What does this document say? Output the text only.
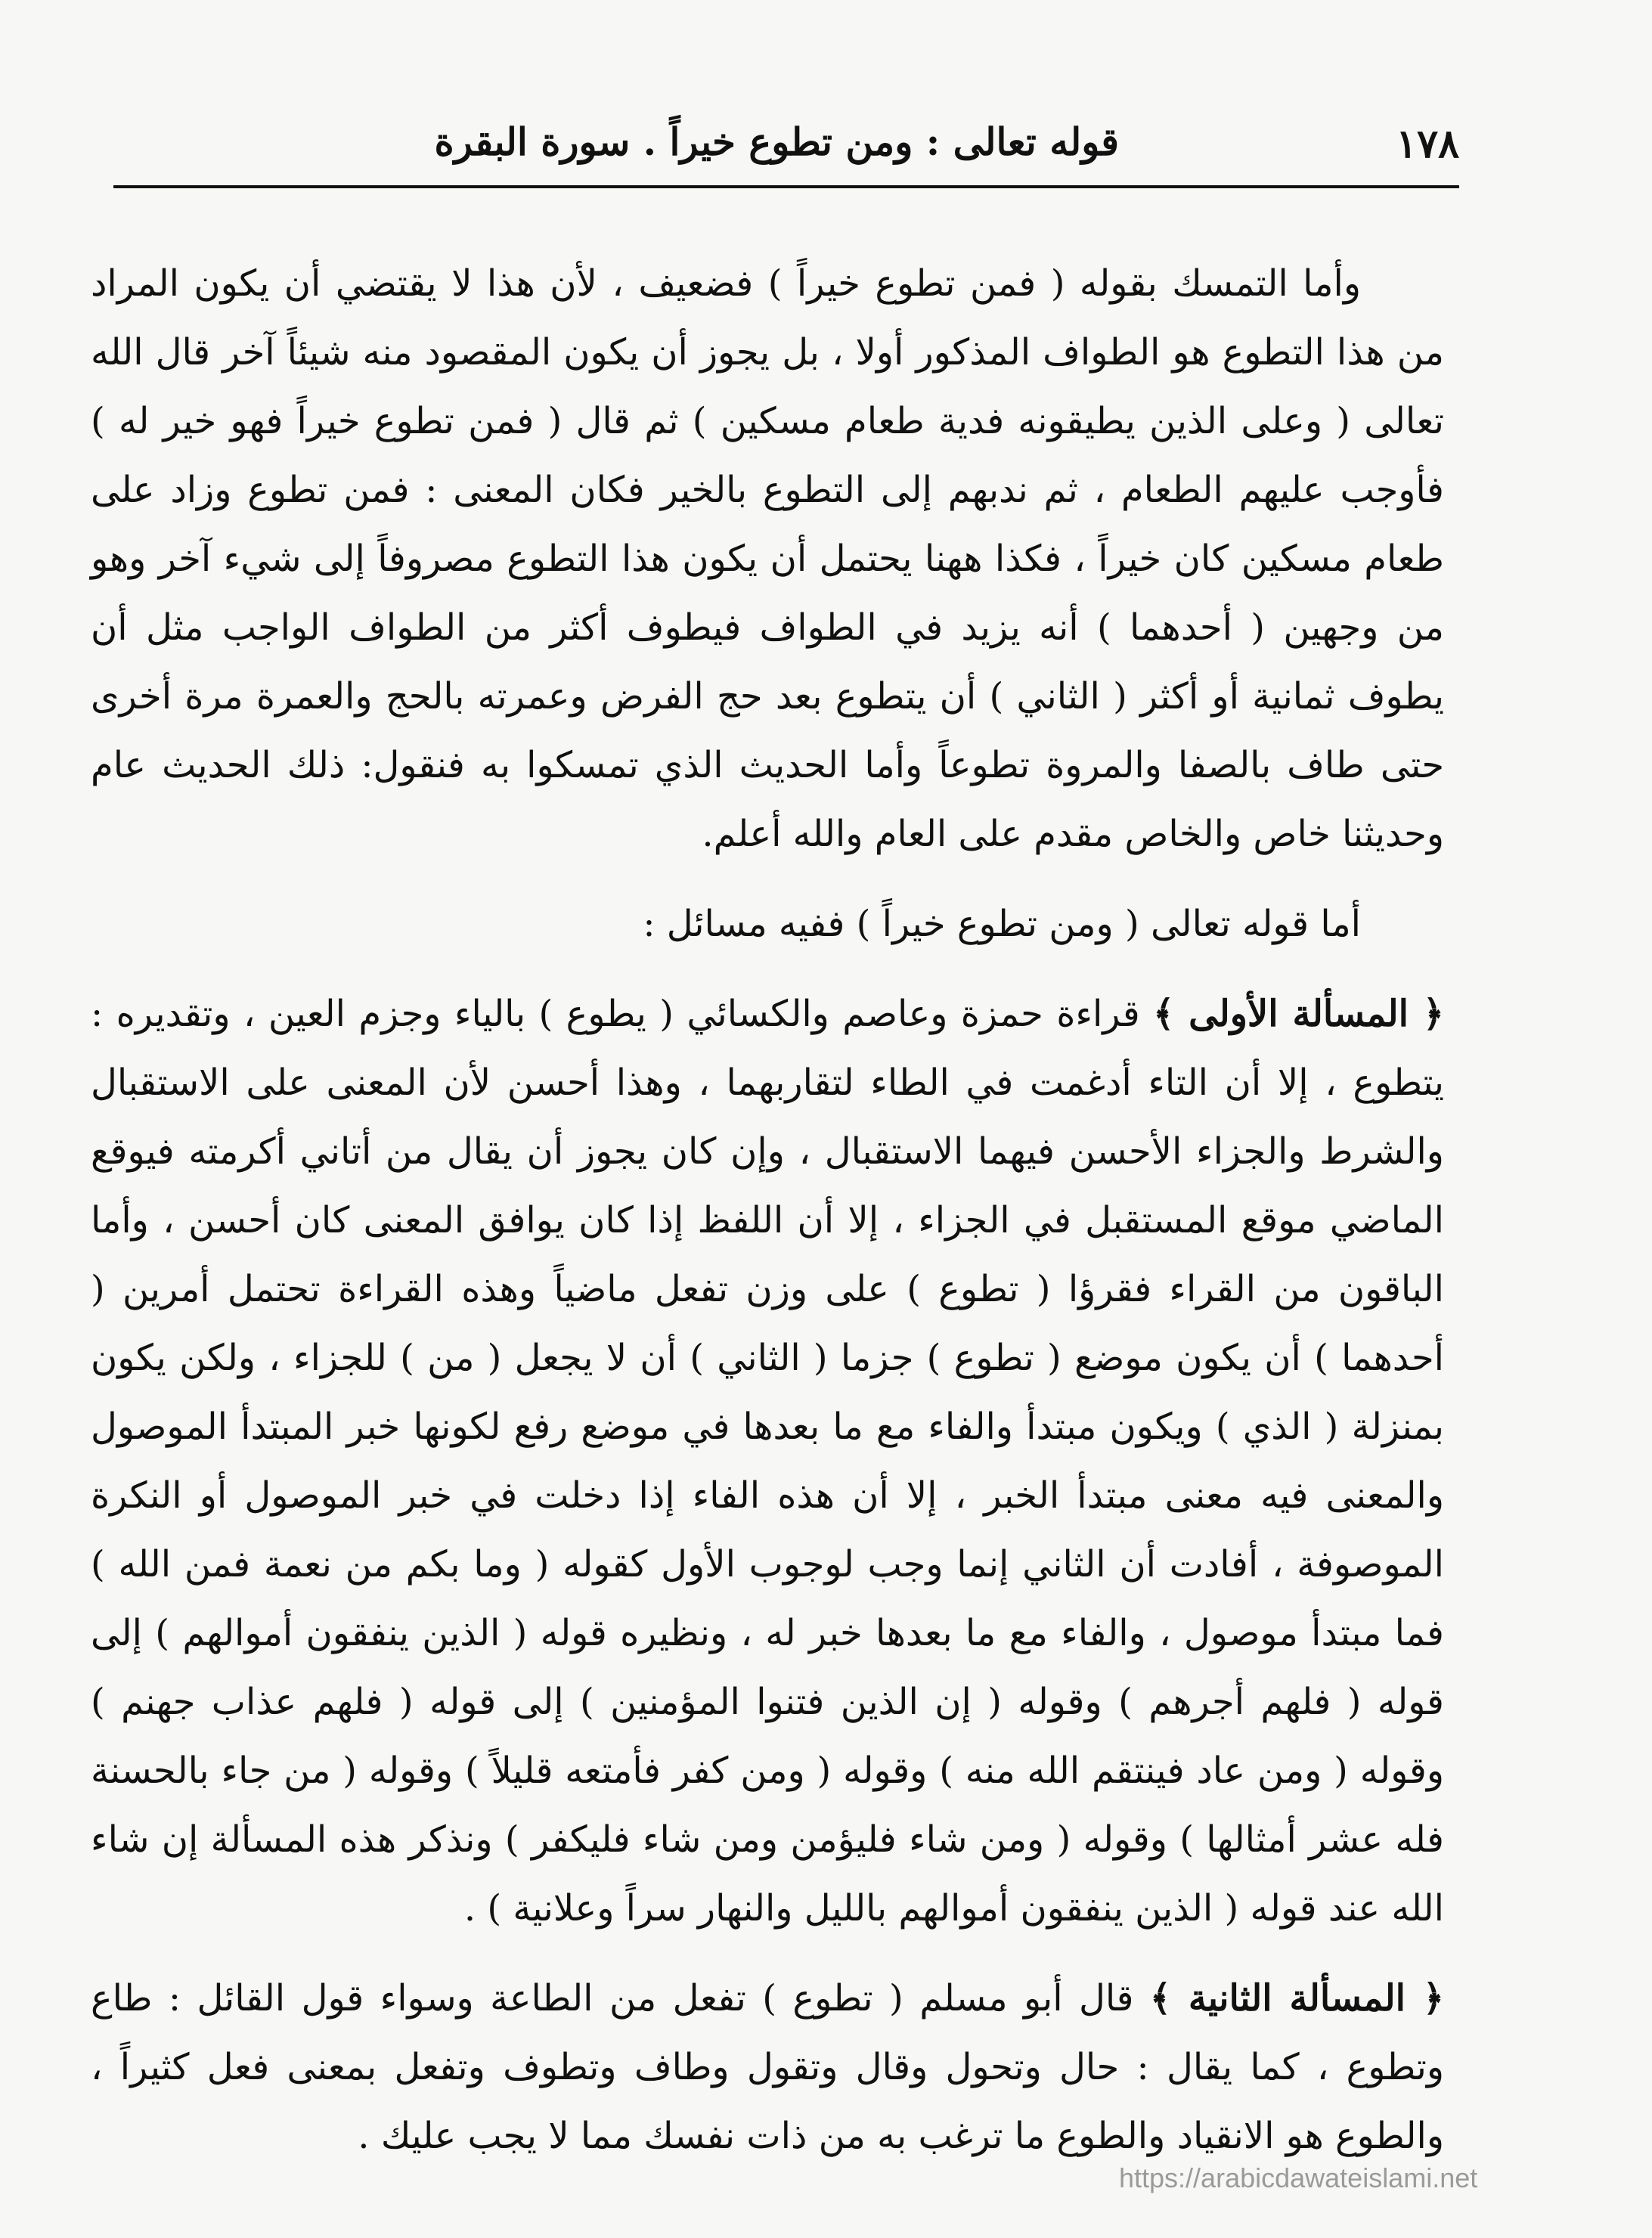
١٧٨
قوله تعالى : ومن تطوع خيراً . سورة البقرة

وأما التمسك بقوله ( فمن تطوع خيراً ) فضعيف ، لأن هذا لا يقتضي أن يكون المراد من هذا التطوع هو الطواف المذكور أولا ، بل يجوز أن يكون المقصود منه شيئاً آخر قال الله تعالى ( وعلى الذين يطيقونه فدية طعام مسكين ) ثم قال ( فمن تطوع خيراً فهو خير له ) فأوجب عليهم الطعام ، ثم ندبهم إلى التطوع بالخير فكان المعنى : فمن تطوع وزاد على طعام مسكين كان خيراً ، فكذا ههنا يحتمل أن يكون هذا التطوع مصروفاً إلى شيء آخر وهو من وجهين ( أحدهما ) أنه يزيد في الطواف فيطوف أكثر من الطواف الواجب مثل أن يطوف ثمانية أو أكثر ( الثاني ) أن يتطوع بعد حج الفرض وعمرته بالحج والعمرة مرة أخرى حتى طاف بالصفا والمروة تطوعاً وأما الحديث الذي تمسكوا به فنقول: ذلك الحديث عام وحديثنا خاص والخاص مقدم على العام والله أعلم.

أما قوله تعالى ( ومن تطوع خيراً ) ففيه مسائل :

﴿ المسألة الأولى ﴾ قراءة حمزة وعاصم والكسائي ( يطوع ) بالياء وجزم العين ، وتقديره : يتطوع ، إلا أن التاء أدغمت في الطاء لتقاربهما ، وهذا أحسن لأن المعنى على الاستقبال والشرط والجزاء الأحسن فيهما الاستقبال ، وإن كان يجوز أن يقال من أتاني أكرمته فيوقع الماضي موقع المستقبل في الجزاء ، إلا أن اللفظ إذا كان يوافق المعنى كان أحسن ، وأما الباقون من القراء فقرؤا ( تطوع ) على وزن تفعل ماضياً وهذه القراءة تحتمل أمرين ( أحدهما ) أن يكون موضع ( تطوع ) جزما ( الثاني ) أن لا يجعل ( من ) للجزاء ، ولكن يكون بمنزلة ( الذي ) ويكون مبتدأ والفاء مع ما بعدها في موضع رفع لكونها خبر المبتدأ الموصول والمعنى فيه معنى مبتدأ الخبر ، إلا أن هذه الفاء إذا دخلت في خبر الموصول أو النكرة الموصوفة ، أفادت أن الثاني إنما وجب لوجوب الأول كقوله ( وما بكم من نعمة فمن الله ) فما مبتدأ موصول ، والفاء مع ما بعدها خبر له ، ونظيره قوله ( الذين ينفقون أموالهم ) إلى قوله ( فلهم أجرهم ) وقوله ( إن الذين فتنوا المؤمنين ) إلى قوله ( فلهم عذاب جهنم ) وقوله ( ومن عاد فينتقم الله منه ) وقوله ( ومن كفر فأمتعه قليلاً ) وقوله ( من جاء بالحسنة فله عشر أمثالها ) وقوله ( ومن شاء فليؤمن ومن شاء فليكفر ) ونذكر هذه المسألة إن شاء الله عند قوله ( الذين ينفقون أموالهم بالليل والنهار سراً وعلانية ) .

﴿ المسألة الثانية ﴾ قال أبو مسلم ( تطوع ) تفعل من الطاعة وسواء قول القائل : طاع وتطوع ، كما يقال : حال وتحول وقال وتقول وطاف وتطوف وتفعل بمعنى فعل كثيراً ، والطوع هو الانقياد والطوع ما ترغب به من ذات نفسك مما لا يجب عليك .

https://arabicdawateislami.net
